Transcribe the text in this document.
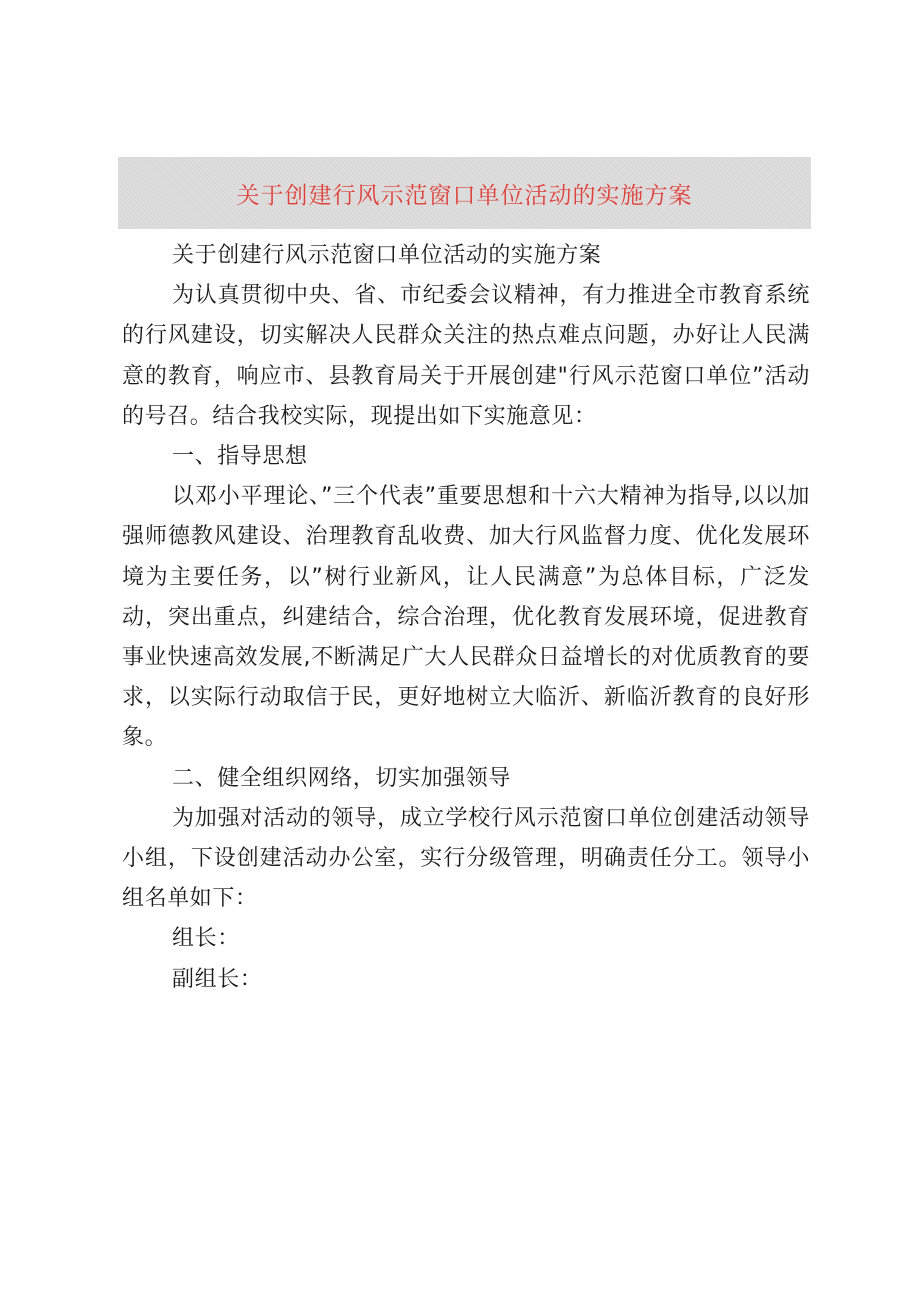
关于创建行风示范窗口单位活动的实施方案

关于创建行风示范窗口单位活动的实施方案

为认真贯彻中央、省、市纪委会议精神，有力推进全市教育系统的行风建设，切实解决人民群众关注的热点难点问题，办好让人民满意的教育，响应市、县教育局关于开展创建"行风示范窗口单位”活动的号召。结合我校实际，现提出如下实施意见：

一、指导思想

以邓小平理论、”三个代表”重要思想和十六大精神为指导,以以加强师德教风建设、治理教育乱收费、加大行风监督力度、优化发展环境为主要任务，以”树行业新风，让人民满意”为总体目标，广泛发动，突出重点，纠建结合，综合治理，优化教育发展环境，促进教育事业快速高效发展,不断满足广大人民群众日益增长的对优质教育的要求，以实际行动取信于民，更好地树立大临沂、新临沂教育的良好形象。

二、健全组织网络，切实加强领导

为加强对活动的领导，成立学校行风示范窗口单位创建活动领导小组，下设创建活动办公室，实行分级管理，明确责任分工。领导小组名单如下：

组长：

副组长：
